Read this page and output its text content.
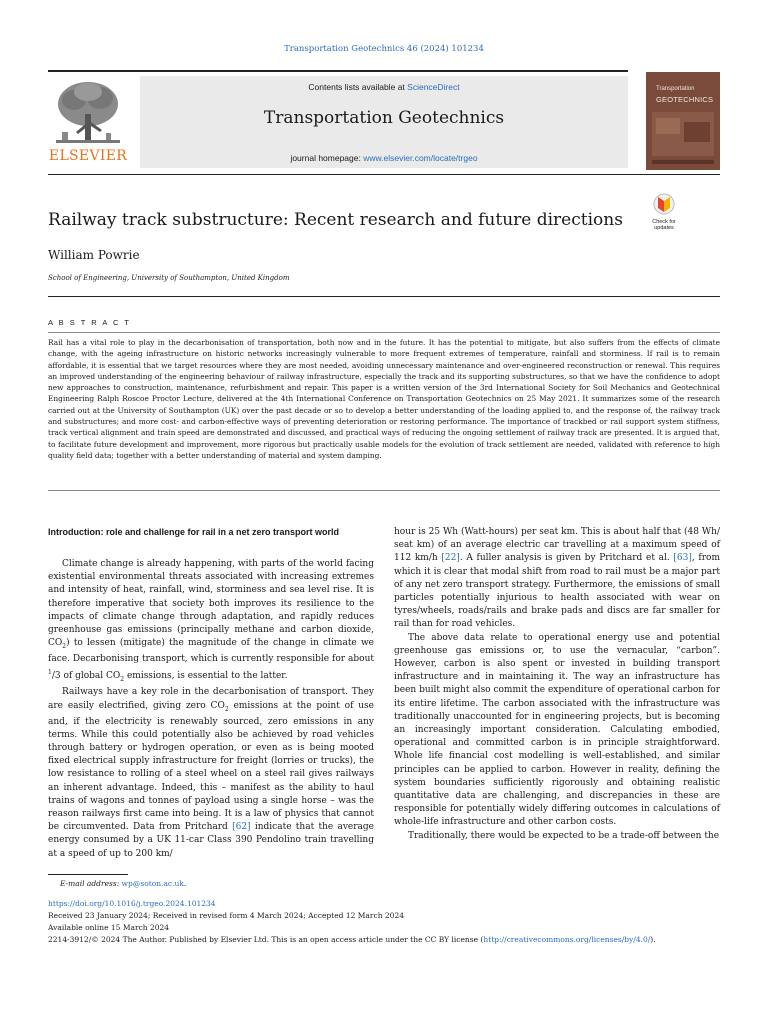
Transportation Geotechnics 46 (2024) 101234
ELSEVIER
Contents lists available at ScienceDirect
Transportation Geotechnics
journal homepage: www.elsevier.com/locate/trgeo
Transportation
GEOTECHNICS
Railway track substructure: Recent research and future directions	Check for
updates
William Powrie
School of Engineering, University of Southampton, United Kingdom
A B S T R A C T
Rail has a vital role to play in the decarbonisation of transportation, both now and in the future. It has the potential to mitigate, but also suffers from the effects of climate change, with the ageing infrastructure on historic networks increasingly vulnerable to more frequent extremes of temperature, rainfall and storminess. If rail is to remain affordable, it is essential that we target resources where they are most needed, avoiding unnecessary maintenance and over-engineered reconstruction or renewal. This requires an improved understanding of the engineering behaviour of railway infrastructure, especially the track and its supporting substructures, so that we have the confidence to adopt new approaches to construction, maintenance, refurbishment and repair. This paper is a written version of the 3rd International Society for Soil Mechanics and Geotechnical Engineering Ralph Roscoe Proctor Lecture, delivered at the 4th International Conference on Transportation Geotechnics on 25 May 2021. It summarizes some of the research carried out at the University of Southampton (UK) over the past decade or so to develop a better understanding of the loading applied to, and the response of, the railway track and substructures; and more cost- and carbon-effective ways of preventing deterioration or restoring performance. The importance of trackbed or rail support system stiffness, track vertical alignment and train speed are demonstrated and discussed, and practical ways of reducing the ongoing settlement of railway track are presented. It is argued that, to facilitate future development and improvement, more rigorous but practically usable models for the evolution of track settlement are needed, validated with reference to high quality field data; together with a better understanding of material and system damping.

Introduction: role and challenge for rail in a net zero transport world

Climate change is already happening, with parts of the world facing existential environmental threats associated with increasing extremes and intensity of heat, rainfall, wind, storminess and sea level rise. It is therefore imperative that society both improves its resilience to the impacts of climate change through adaptation, and rapidly reduces greenhouse gas emissions (principally methane and carbon dioxide, $CO_2$) to lessen (mitigate) the magnitude of the change in climate we face. Decarbonising transport, which is currently responsible for about $^1$/3 of global $CO_2$ emissions, is essential to the latter.

Railways have a key role in the decarbonisation of transport. They are easily electrified, giving zero $CO_2$ emissions at the point of use and, if the electricity is renewably sourced, zero emissions in any terms. While this could potentially also be achieved by road vehicles through battery or hydrogen operation, or even as is being mooted fixed electrical supply infrastructure for freight (lorries or trucks), the low resistance to rolling of a steel wheel on a steel rail gives railways an inherent advantage. Indeed, this – manifest as the ability to haul trains of wagons and tonnes of payload using a single horse – was the reason railways first came into being. It is a law of physics that cannot be circumvented. Data from Pritchard [62] indicate that the average energy consumed by a UK 11-car Class 390 Pendolino train travelling at a speed of up to 200 km/

hour is 25 Wh (Watt-hours) per seat km. This is about half that (48 Wh/ seat km) of an average electric car travelling at a maximum speed of 112 km/h [22]. A fuller analysis is given by Pritchard et al. [63], from which it is clear that modal shift from road to rail must be a major part of any net zero transport strategy. Furthermore, the emissions of small particles potentially injurious to health associated with wear on tyres/wheels, roads/rails and brake pads and discs are far smaller for rail than for road vehicles.

The above data relate to operational energy use and potential greenhouse gas emissions or, to use the vernacular, “carbon”. However, carbon is also spent or invested in building transport infrastructure and in maintaining it. The way an infrastructure has been built might also commit the expenditure of operational carbon for its entire lifetime. The carbon associated with the infrastructure was traditionally unaccounted for in engineering projects, but is becoming an increasingly important consideration. Calculating embodied, operational and committed carbon is in principle straightforward. Whole life financial cost modelling is well-established, and similar principles can be applied to carbon. However in reality, defining the system boundaries sufficiently rigorously and obtaining realistic quantitative data are challenging, and discrepancies in these are responsible for potentially widely differing outcomes in calculations of whole-life infrastructure and other carbon costs.

Traditionally, there would be expected to be a trade-off between the

E-mail address: wp@soton.ac.uk.
https://doi.org/10.1016/j.trgeo.2024.101234
Received 23 January 2024; Received in revised form 4 March 2024; Accepted 12 March 2024
Available online 15 March 2024
2214-3912/© 2024 The Author. Published by Elsevier Ltd. This is an open access article under the CC BY license (http://creativecommons.org/licenses/by/4.0/).
